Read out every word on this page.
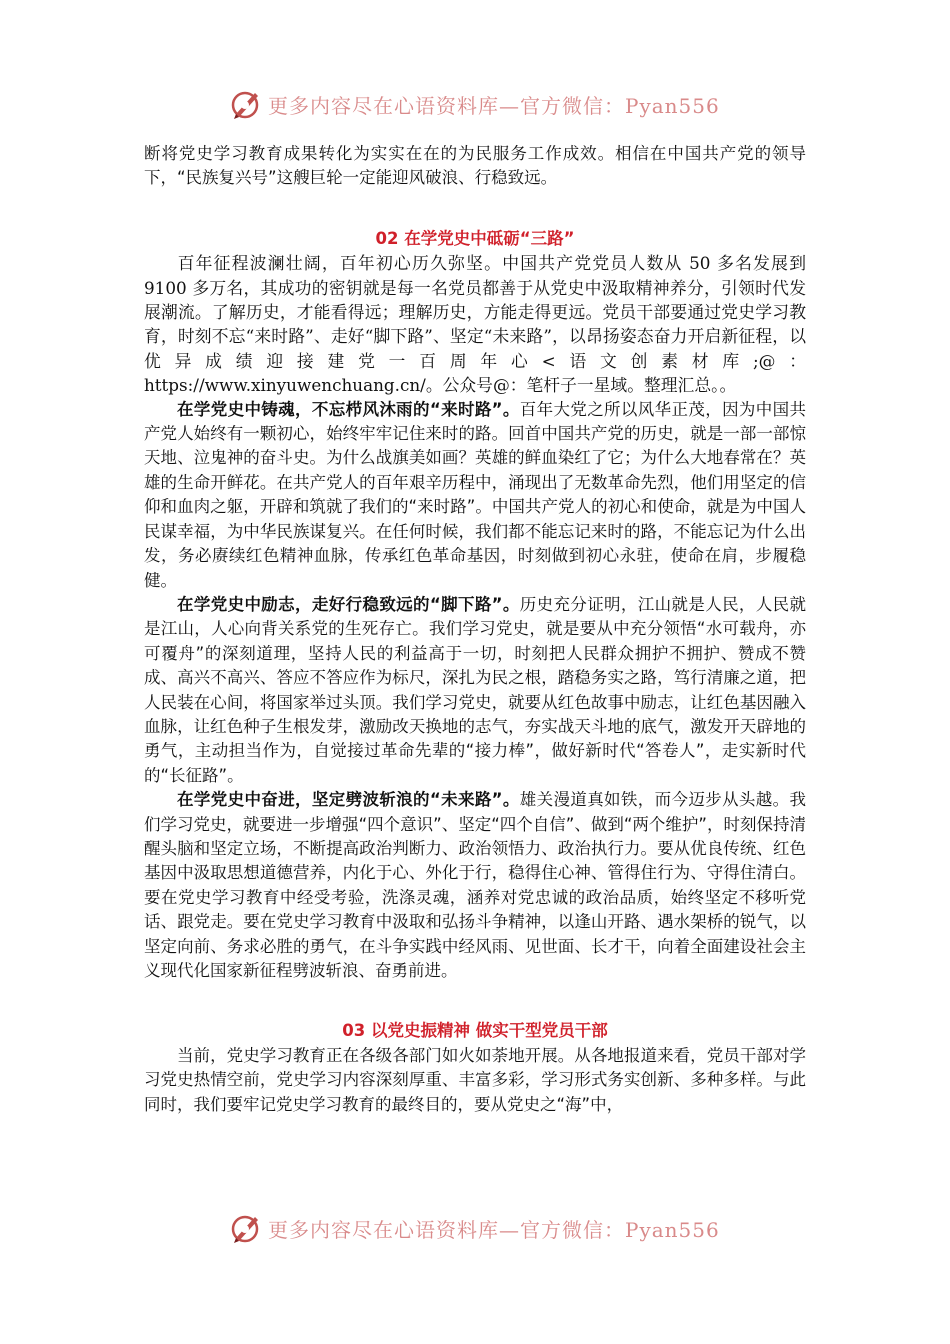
更多内容尽在心语资料库—官方微信：Pyan556

断将党史学习教育成果转化为实实在在的为民服务工作成效。相信在中国共产党的领导下，“民族复兴号”这艘巨轮一定能迎风破浪、行稳致远。

02 在学党史中砥砺“三路”

百年征程波澜壮阔，百年初心历久弥坚。中国共产党党员人数从 50 多名发展到 9100 多万名，其成功的密钥就是每一名党员都善于从党史中汲取精神养分，引领时代发展潮流。了解历史，才能看得远；理解历史，方能走得更远。党员干部要通过党史学习教育，时刻不忘“来时路”、走好“脚下路”、坚定“未来路”，以昂扬姿态奋力开启新征程，以优异成绩迎接建党一百周年心<语文创素材库;@：https://www.xinyuwenchuang.cn/。公众号@：笔杆子一星域。整理汇总。。

在学党史中铸魂，不忘栉风沐雨的“来时路”。百年大党之所以风华正茂，因为中国共产党人始终有一颗初心，始终牢牢记住来时的路。回首中国共产党的历史，就是一部一部惊天地、泣鬼神的奋斗史。为什么战旗美如画？英雄的鲜血染红了它；为什么大地春常在？英雄的生命开鲜花。在共产党人的百年艰辛历程中，涌现出了无数革命先烈，他们用坚定的信仰和血肉之躯，开辟和筑就了我们的“来时路”。中国共产党人的初心和使命，就是为中国人民谋幸福，为中华民族谋复兴。在任何时候，我们都不能忘记来时的路，不能忘记为什么出发，务必赓续红色精神血脉，传承红色革命基因，时刻做到初心永驻，使命在肩，步履稳健。

在学党史中励志，走好行稳致远的“脚下路”。历史充分证明，江山就是人民，人民就是江山，人心向背关系党的生死存亡。我们学习党史，就是要从中充分领悟“水可载舟，亦可覆舟”的深刻道理，坚持人民的利益高于一切，时刻把人民群众拥护不拥护、赞成不赞成、高兴不高兴、答应不答应作为标尺，深扎为民之根，踏稳务实之路，笃行清廉之道，把人民装在心间，将国家举过头顶。我们学习党史，就要从红色故事中励志，让红色基因融入血脉，让红色种子生根发芽，激励改天换地的志气，夯实战天斗地的底气，激发开天辟地的勇气，主动担当作为，自觉接过革命先辈的“接力棒”，做好新时代“答卷人”，走实新时代的“长征路”。

在学党史中奋进，坚定劈波斩浪的“未来路”。雄关漫道真如铁，而今迈步从头越。我们学习党史，就要进一步增强“四个意识”、坚定“四个自信”、做到“两个维护”，时刻保持清醒头脑和坚定立场，不断提高政治判断力、政治领悟力、政治执行力。要从优良传统、红色基因中汲取思想道德营养，内化于心、外化于行，稳得住心神、管得住行为、守得住清白。要在党史学习教育中经受考验，洗涤灵魂，涵养对党忠诚的政治品质，始终坚定不移听党话、跟党走。要在党史学习教育中汲取和弘扬斗争精神，以逢山开路、遇水架桥的锐气，以坚定向前、务求必胜的勇气，在斗争实践中经风雨、见世面、长才干，向着全面建设社会主义现代化国家新征程劈波斩浪、奋勇前进。

03 以党史振精神 做实干型党员干部

当前，党史学习教育正在各级各部门如火如荼地开展。从各地报道来看，党员干部对学习党史热情空前，党史学习内容深刻厚重、丰富多彩，学习形式务实创新、多种多样。与此同时，我们要牢记党史学习教育的最终目的，要从党史之“海”中，

更多内容尽在心语资料库—官方微信：Pyan556
